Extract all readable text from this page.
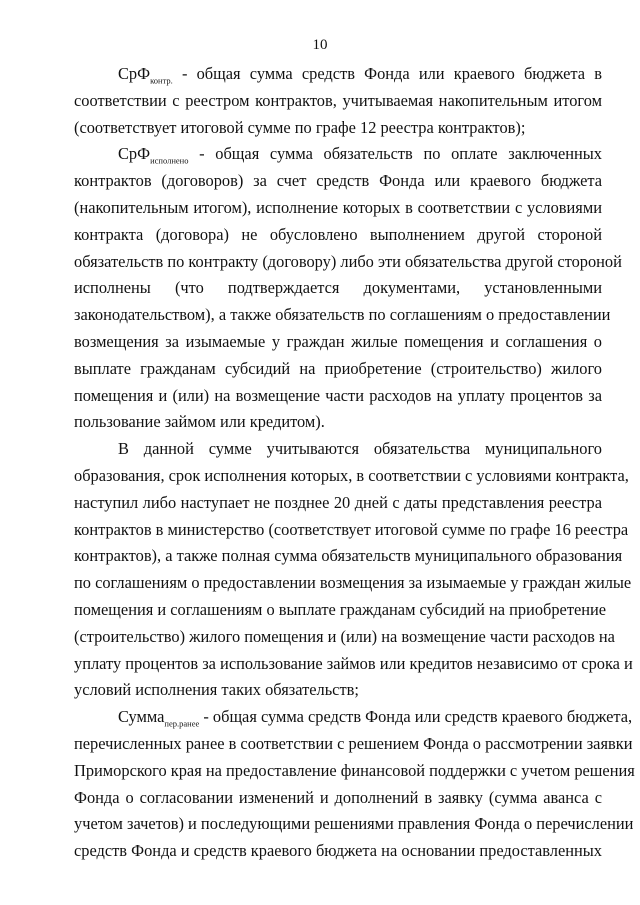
10
СрФ$_{контр.}$ - общая сумма средств Фонда или краевого бюджета в
соответствии с реестром контрактов, учитываемая накопительным итогом
(соответствует итоговой сумме по графе 12 реестра контрактов);
СрФ$_{исполнено}$ - общая сумма обязательств по оплате заключенных
контрактов (договоров) за счет средств Фонда или краевого бюджета
(накопительным итогом), исполнение которых в соответствии с условиями
контракта (договора) не обусловлено выполнением другой стороной
обязательств по контракту (договору) либо эти обязательства другой стороной
исполнены (что подтверждается документами, установленными
законодательством), а также обязательств по соглашениям о предоставлении
возмещения за изымаемые у граждан жилые помещения и соглашения о
выплате гражданам субсидий на приобретение (строительство) жилого
помещения и (или) на возмещение части расходов на уплату процентов за
пользование займом или кредитом).
В данной сумме учитываются обязательства муниципального
образования, срок исполнения которых, в соответствии с условиями контракта,
наступил либо наступает не позднее 20 дней с даты представления реестра
контрактов в министерство (соответствует итоговой сумме по графе 16 реестра
контрактов), а также полная сумма обязательств муниципального образования
по соглашениям о предоставлении возмещения за изымаемые у граждан жилые
помещения и соглашениям о выплате гражданам субсидий на приобретение
(строительство) жилого помещения и (или) на возмещение части расходов на
уплату процентов за использование займов или кредитов независимо от срока и
условий исполнения таких обязательств;
Сумма$_{пер.ранее}$ - общая сумма средств Фонда или средств краевого бюджета,
перечисленных ранее в соответствии с решением Фонда о рассмотрении заявки
Приморского края на предоставление финансовой поддержки с учетом решения
Фонда о согласовании изменений и дополнений в заявку (сумма аванса с
учетом зачетов) и последующими решениями правления Фонда о перечислении
средств Фонда и средств краевого бюджета на основании предоставленных
